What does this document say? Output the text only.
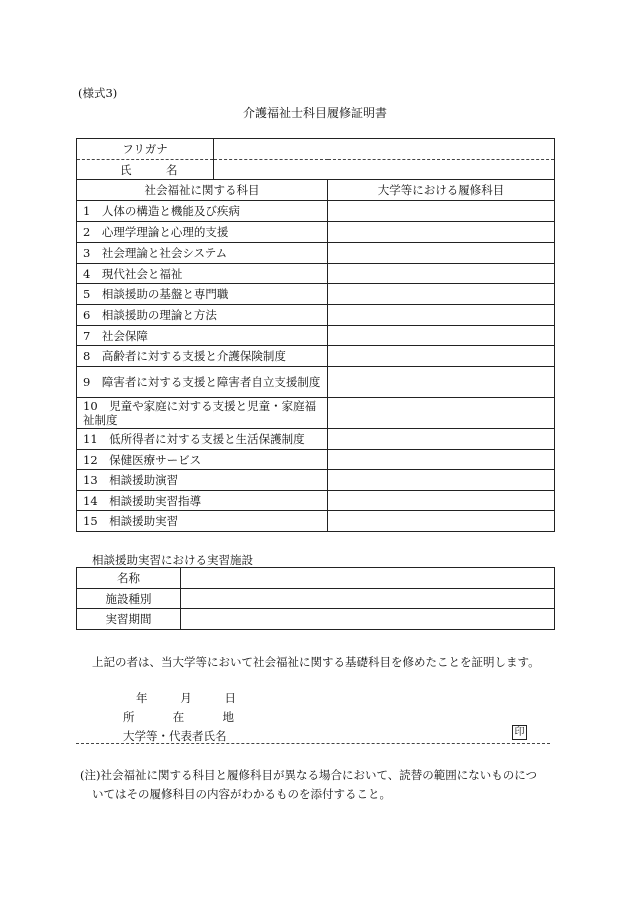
(様式3)
介護福祉士科目履修証明書
フリガナ		
氏　　　名		
社会福祉に関する科目		大学等における履修科目
1　人体の構造と機能及び疾病		
2　心理学理論と心理的支援		
3　社会理論と社会システム		
4　現代社会と福祉		
5　相談援助の基盤と専門職		
6　相談援助の理論と方法		
7　社会保障		
8　高齢者に対する支援と介護保険制度		
9　障害者に対する支援と障害者自立支援制度		
10　児童や家庭に対する支援と児童・家庭福祉制度		
11　低所得者に対する支援と生活保護制度		
12　保健医療サービス		
13　相談援助演習		
14　相談援助実習指導		
15　相談援助実習		
相談援助実習における実習施設
名称	
施設種別	
実習期間	
上記の者は、当大学等において社会福祉に関する基礎科目を修めたことを証明します。
年	月	日
所	在	地
大学等・代表者氏名	印
(注)社会福祉に関する科目と履修科目が異なる場合において、読替の範囲にないものにつ
いてはその履修科目の内容がわかるものを添付すること。
